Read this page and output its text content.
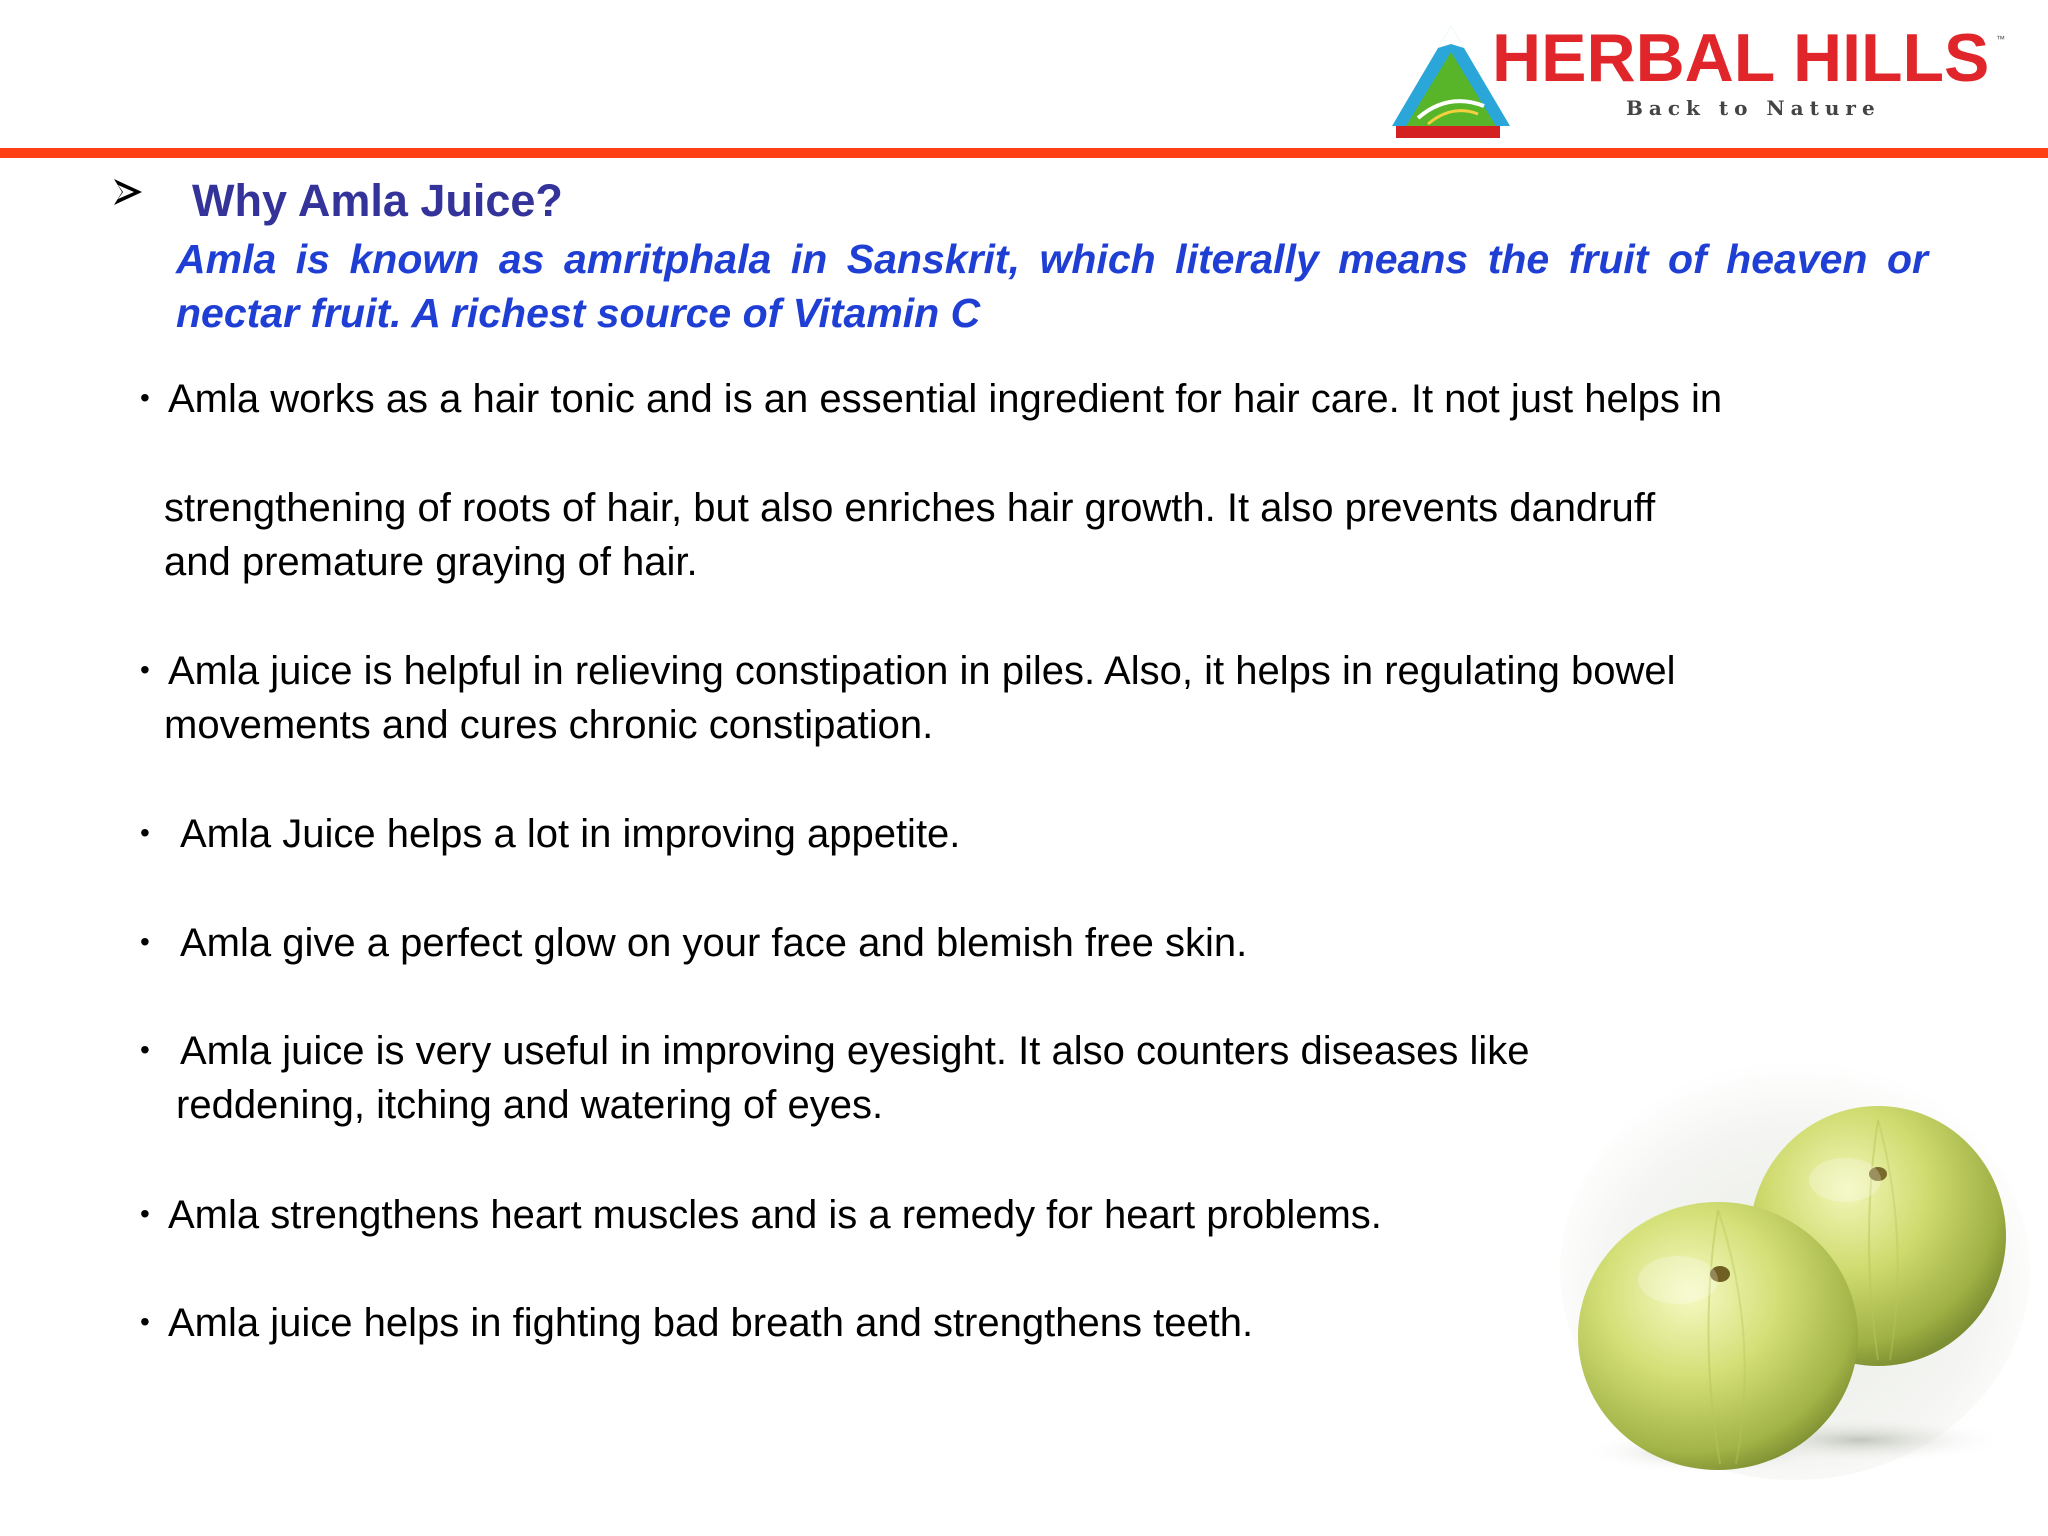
HERBAL HILLS ™
Back to Nature
Why Amla Juice?
Amla is known as amritphala in Sanskrit, which literally means the fruit of heaven or nectar fruit. A richest source of Vitamin C
• Amla works as a hair tonic and is an essential ingredient for hair care. It not just helps in
strengthening of roots of hair, but also enriches hair growth. It also prevents dandruff
and premature graying of hair.
• Amla juice is helpful in relieving constipation in piles. Also, it helps in regulating bowel
movements and cures chronic constipation.
• Amla Juice helps a lot in improving appetite.
• Amla give a perfect glow on your face and blemish free skin.
• Amla juice is very useful in improving eyesight. It also counters diseases like
reddening, itching and watering of eyes.
• Amla strengthens heart muscles and is a remedy for heart problems.
• Amla juice helps in fighting bad breath and strengthens teeth.
